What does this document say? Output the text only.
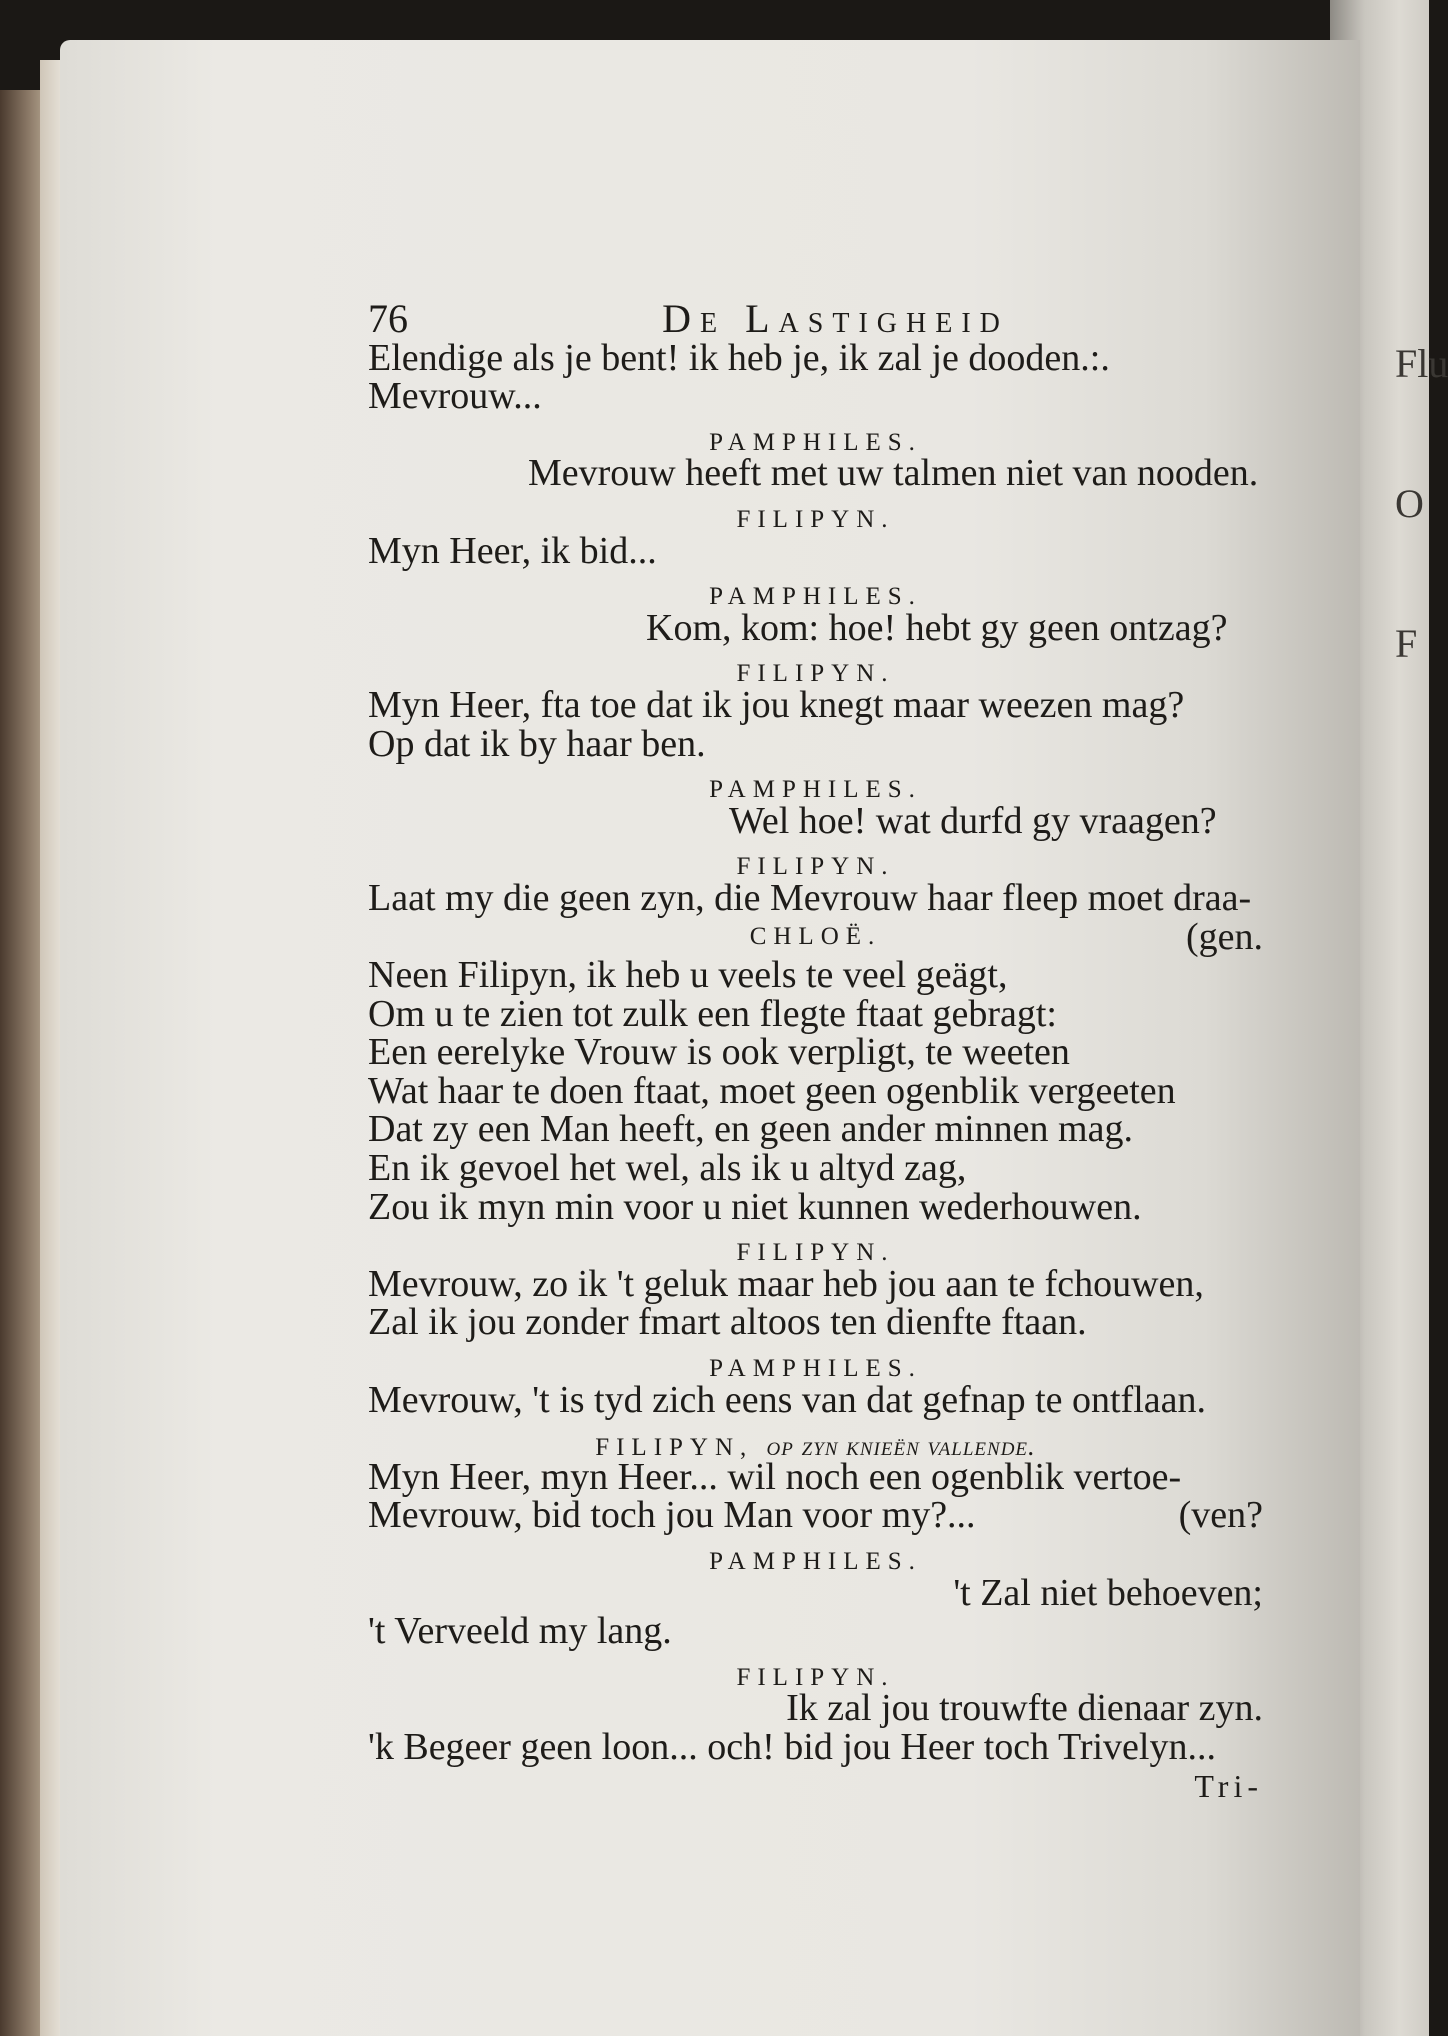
Flu
O
F
76	De Lastigheid
Elendige als je bent! ik heb je, ik zal je dooden.:.
Mevrouw...
PAMPHILES.
Mevrouw heeft met uw talmen niet van nooden.
FILIPYN.
Myn Heer, ik bid...
PAMPHILES.
Kom, kom: hoe! hebt gy geen ontzag?
FILIPYN.
Myn Heer, fta toe dat ik jou knegt maar weezen mag?
Op dat ik by haar ben.
PAMPHILES.
Wel hoe! wat durfd gy vraagen?
FILIPYN.
Laat my die geen zyn, die Mevrouw haar fleep moet draa-
CHLOË.	(gen.
Neen Filipyn, ik heb u veels te veel geägt,
Om u te zien tot zulk een flegte ftaat gebragt:
Een eerelyke Vrouw is ook verpligt, te weeten
Wat haar te doen ftaat, moet geen ogenblik vergeeten
Dat zy een Man heeft, en geen ander minnen mag.
En ik gevoel het wel, als ik u altyd zag,
Zou ik myn min voor u niet kunnen wederhouwen.
FILIPYN.
Mevrouw, zo ik 't geluk maar heb jou aan te fchouwen,
Zal ik jou zonder fmart altoos ten dienfte ftaan.
PAMPHILES.
Mevrouw, 't is tyd zich eens van dat gefnap te ontflaan.
FILIPYN, op zyn knieën vallende.
Myn Heer, myn Heer... wil noch een ogenblik vertoe-
Mevrouw, bid toch jou Man voor my?...	(ven?
PAMPHILES.
't Zal niet behoeven;
't Verveeld my lang.
FILIPYN.
Ik zal jou trouwfte dienaar zyn.
'k Begeer geen loon... och! bid jou Heer toch Trivelyn...
Tri-
